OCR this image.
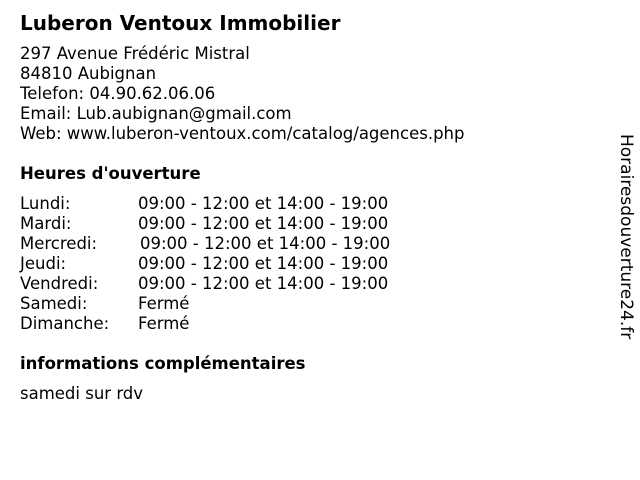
Luberon Ventoux Immobilier
297 Avenue Frédéric Mistral
84810 Aubignan
Telefon: 04.90.62.06.06
Email: Lub.aubignan@gmail.com
Web: www.luberon-ventoux.com/catalog/agences.php
Heures d'ouverture
Lundi:	09:00 - 12:00 et 14:00 - 19:00
Mardi:	09:00 - 12:00 et 14:00 - 19:00
Mercredi:	09:00 - 12:00 et 14:00 - 19:00
Jeudi:	09:00 - 12:00 et 14:00 - 19:00
Vendredi: 09:00 - 12:00 et 14:00 - 19:00
Samedi:	Fermé
Dimanche: Fermé
informations complémentaires
samedi sur rdv
Horairesdouverture24.fr
